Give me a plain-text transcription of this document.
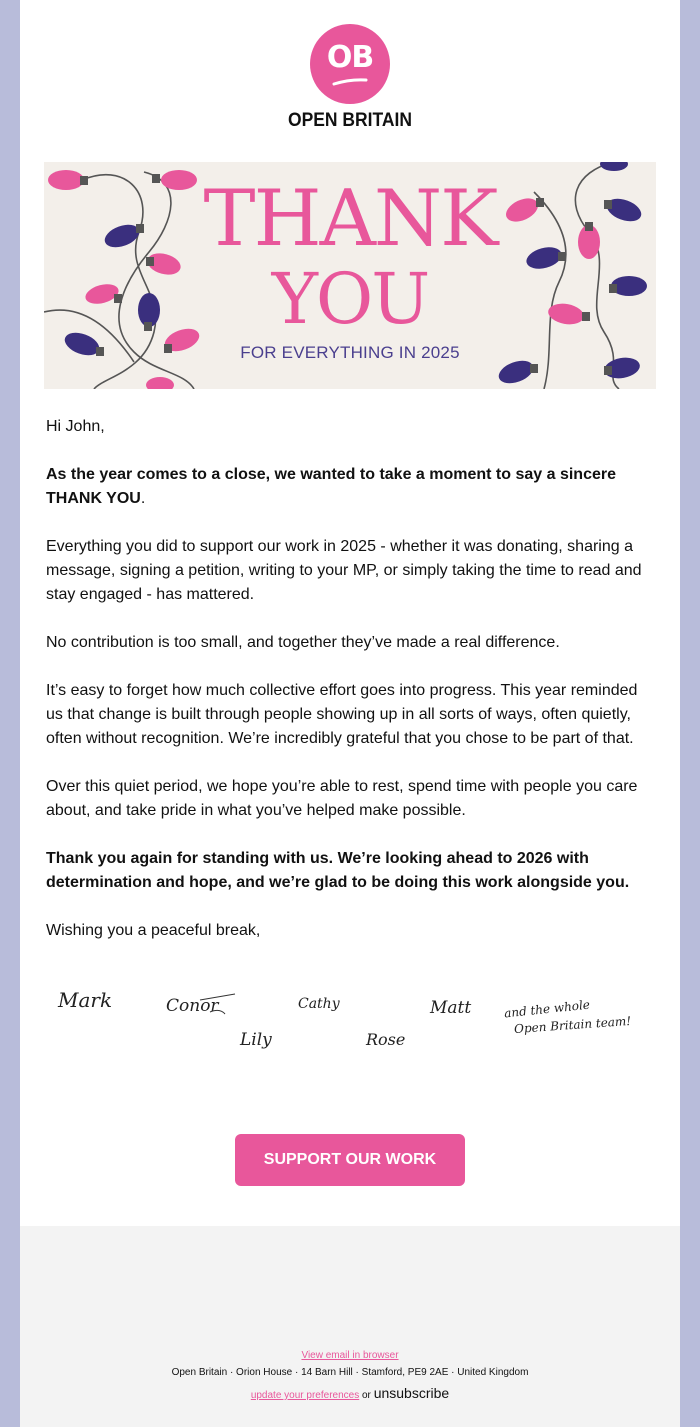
OB
OPEN BRITAIN
THANK
YOU
FOR EVERYTHING IN 2025

Hi John,

As the year comes to a close, we wanted to take a moment to say a sincere THANK YOU.

Everything you did to support our work in 2025 - whether it was donating, sharing a message, signing a petition, writing to your MP, or simply taking the time to read and stay engaged - has mattered.

No contribution is too small, and together they’ve made a real difference.

It’s easy to forget how much collective effort goes into progress. This year reminded us that change is built through people showing up in all sorts of ways, often quietly, often without recognition. We’re incredibly grateful that you chose to be part of that.

Over this quiet period, we hope you’re able to rest, spend time with people you care about, and take pride in what you’ve helped make possible.

Thank you again for standing with us. We’re looking ahead to 2026 with determination and hope, and we’re glad to be doing this work alongside you.

Wishing you a peaceful break,

Mark	Conor	Cathy
Lily	Rose
Matt	and the whole
Open Britain team!
SUPPORT OUR WORK
View email in browser
Open Britain · Orion House · 14 Barn Hill · Stamford, PE9 2AE · United Kingdom
update your preferences or unsubscribe
